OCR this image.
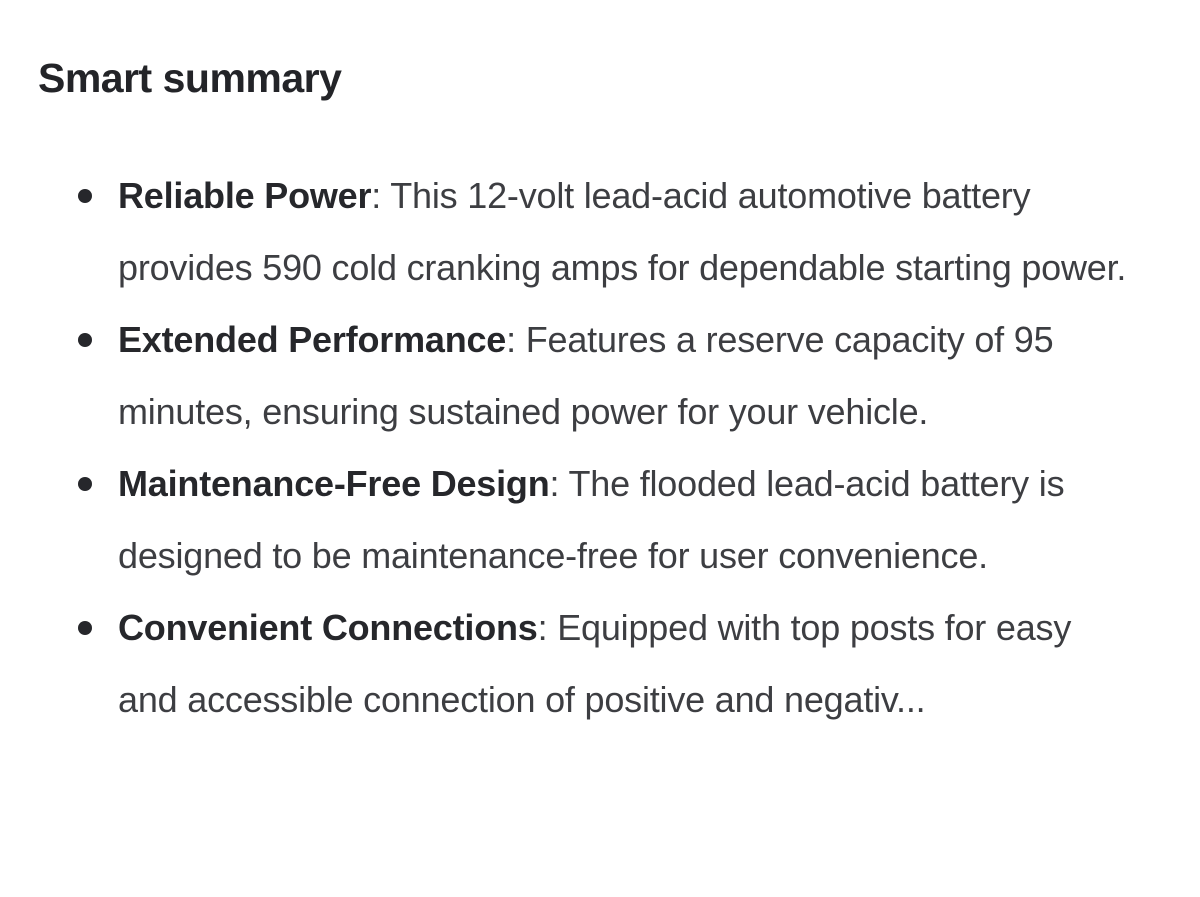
Smart summary
Reliable Power: This 12-volt lead-acid automotive battery provides 590 cold cranking amps for dependable starting power.
Extended Performance: Features a reserve capacity of 95 minutes, ensuring sustained power for your vehicle.
Maintenance-Free Design: The flooded lead-acid battery is designed to be maintenance-free for user convenience.
Convenient Connections: Equipped with top posts for easy and accessible connection of positive and negativ...
